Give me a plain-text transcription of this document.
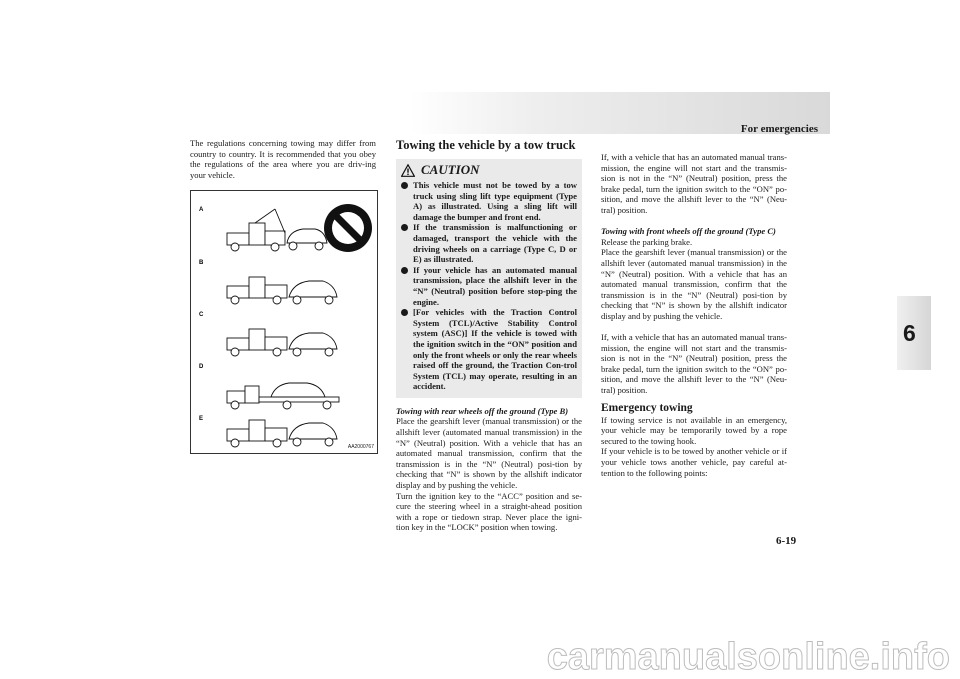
For emergencies
6

The regulations concerning towing may differ from country to country. It is recommended that you obey the regulations of the area where you are driv-ing your vehicle.

A
B
C
D
E
AA2000767
Towing the vehicle by a tow truck
CAUTION
This vehicle must not be towed by a tow truck using sling lift type equipment (Type A) as illustrated. Using a sling lift will damage the bumper and front end.
If the transmission is malfunctioning or damaged, transport the vehicle with the driving wheels on a carriage (Type C, D or E) as illustrated.
If your vehicle has an automated manual transmission, place the allshift lever in the “N” (Neutral) position before stop-ping the engine.
[For vehicles with the Traction Control System (TCL)/Active Stability Control system (ASC)] If the vehicle is towed with the ignition switch in the “ON” position and only the front wheels or only the rear wheels raised off the ground, the Traction Con-trol System (TCL) may operate, resulting in an accident.

Towing with rear wheels off the ground (Type B)

Place the gearshift lever (manual transmission) or the allshift lever (automated manual transmission) in the “N” (Neutral) position. With a vehicle that has an automated manual transmission, confirm that the transmission is in the “N” (Neutral) posi-tion by checking that “N” is shown by the allshift indicator display and by pushing the vehicle.

Turn the ignition key to the “ACC” position and se-cure the steering wheel in a straight-ahead position with a rope or tiedown strap. Never place the igni-tion key in the “LOCK” position when towing.

If, with a vehicle that has an automated manual trans-mission, the engine will not start and the transmis-sion is not in the “N” (Neutral) position, press the brake pedal, turn the ignition switch to the “ON” po-sition, and move the allshift lever to the “N” (Neu-tral) position.

Towing with front wheels off the ground (Type C)

Release the parking brake.

Place the gearshift lever (manual transmission) or the allshift lever (automated manual transmission) in the “N” (Neutral) position. With a vehicle that has an automated manual transmission, confirm that the transmission is in the “N” (Neutral) posi-tion by checking that “N” is shown by the allshift indicator display and by pushing the vehicle.

If, with a vehicle that has an automated manual trans-mission, the engine will not start and the transmis-sion is not in the “N” (Neutral) position, press the brake pedal, turn the ignition switch to the “ON” po-sition, and move the allshift lever to the “N” (Neu-tral) position.

Emergency towing

If towing service is not available in an emergency, your vehicle may be temporarily towed by a rope secured to the towing hook.

If your vehicle is to be towed by another vehicle or if your vehicle tows another vehicle, pay careful at-tention to the following points:

6-19
carmanualsonline.info
